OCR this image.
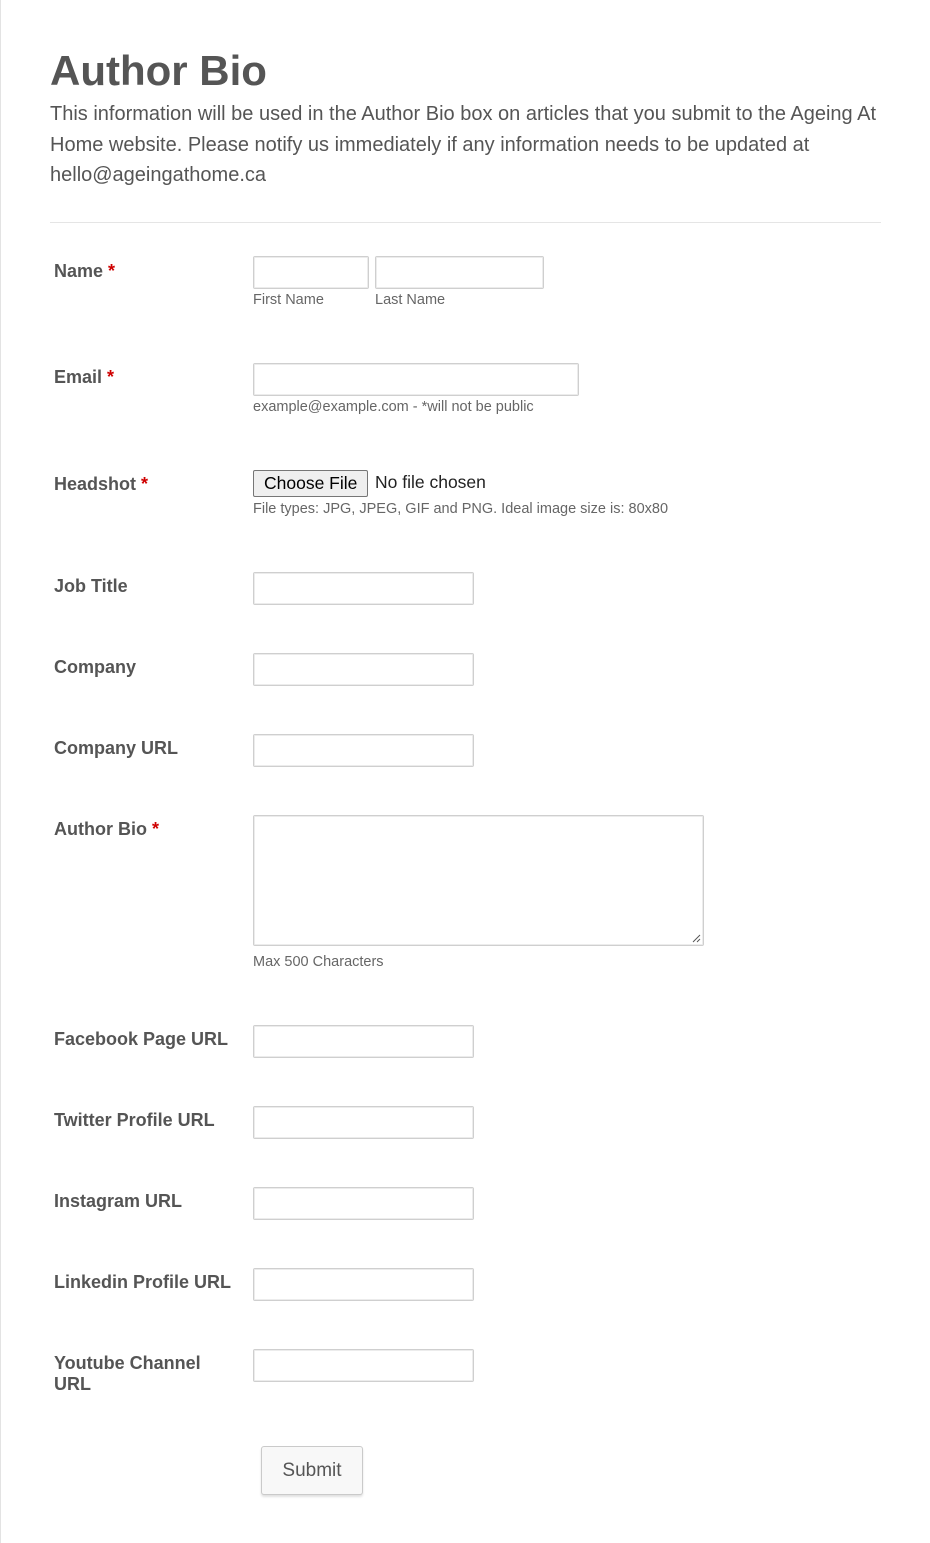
Author Bio

This information will be used in the Author Bio box on articles that you submit to the Ageing At Home website. Please notify us immediately if any information needs to be updated at hello@ageingathome.ca

Name *
First Name	Last Name
Email *
example@example.com - *will not be public
Headshot *	Choose File	No file chosen
File types: JPG, JPEG, GIF and PNG. Ideal image size is: 80x80
Job Title
Company
Company URL
Author Bio *
Max 500 Characters
Facebook Page URL
Twitter Profile URL
Instagram URL
Linkedin Profile URL
Youtube Channel URL
Submit
